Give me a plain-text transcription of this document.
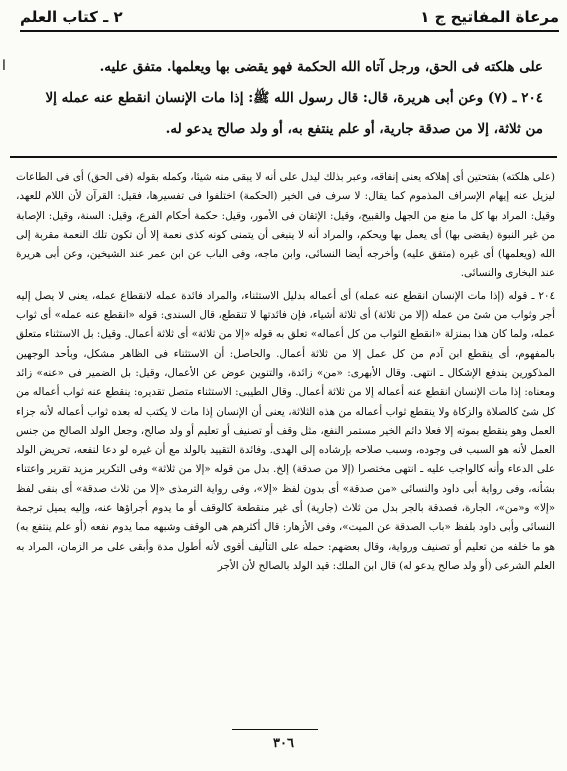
مرعاة المفاتيح ج ١
٢ ـ كتاب العلم
ا	على هلكته فى الحق، ورجل آتاه الله الحكمة فهو يقضى بها ويعلمها. متفق عليه.

٢٠٤ ـ (٧) وعن أبى هريرة، قال: قال رسول الله ﷺ: إذا مات الإنسان انقطع عنه عمله إلا

من ثلاثة، إلا من صدقة جارية، أو علم ينتفع به، أو ولد صالح يدعو له.

(على هلكته) بفتحتين أى إهلاكه يعنى إنفاقه، وعبر بذلك ليدل على أنه لا يبقى منه شيئا، وكمله بقوله (فى الحق) أى فى الطاعات ليزيل عنه إيهام الإسراف المذموم كما يقال: لا سرف فى الخير (الحكمة) اختلفوا فى تفسيرها، فقيل: القرآن لأن اللام للعهد، وقيل: المراد بها كل ما منع من الجهل والقبيح، وقيل: الإتقان فى الأمور، وقيل: حكمة أحكام الفرع، وقيل: السنة، وقيل: الإصابة من غير النبوة (يقضى بها) أى يعمل بها ويحكم، والمراد أنه لا ينبغى أن يتمنى كونه كذى نعمة إلا أن تكون تلك النعمة مقربة إلى الله (ويعلمها) أى غيره (متفق عليه) وأخرجه أيضا النسائى، وابن ماجه، وفى الباب عن ابن عمر عند الشيخين، وعن أبى هريرة عند البخارى والنسائى.

٢٠٤ ـ قوله (إذا مات الإنسان انقطع عنه عمله) أى أعماله بدليل الاستثناء، والمراد فائدة عمله لانقطاع عمله، يعنى لا يصل إليه أجر وثواب من شئ من عمله (إلا من ثلاثة) أى ثلاثة أشياء، فإن فائدتها لا تنقطع، قال السندى: قوله «انقطع عنه عمله» أى ثواب عمله، ولما كان هذا بمنزلة «انقطع الثواب من كل أعماله» تعلق به قوله «إلا من ثلاثة» أى ثلاثة أعمال. وقيل: بل الاستثناء متعلق بالمفهوم، أى ينقطع ابن آدم من كل عمل إلا من ثلاثة أعمال. والحاصل: أن الاستثناء فى الظاهر مشكل، وبأحد الوجهين المذكورين يندفع الإشكال ـ انتهى. وقال الأبهرى: «من» زائدة، والتنوين عوض عن الأعمال، وقيل: بل الضمير فى «عنه» زائد ومعناه: إذا مات الإنسان انقطع عنه أعماله إلا من ثلاثة أعمال. وقال الطيبى: الاستثناء متصل تقديره: ينقطع عنه ثواب أعماله من كل شئ كالصلاة والزكاة ولا ينقطع ثواب أعماله من هذه الثلاثة، يعنى أن الإنسان إذا مات لا يكتب له بعده ثواب أعماله لأنه جزاء العمل وهو ينقطع بموته إلا فعلا دائم الخير مستمر النفع، مثل وقف أو تصنيف أو تعليم أو ولد صالح، وجعل الولد الصالح من جنس العمل لأنه هو السبب فى وجوده، وسبب صلاحه بإرشاده إلى الهدى. وفائدة التقييد بالولد مع أن غيره لو دعا لنفعه، تحريض الولد على الدعاء وأنه كالواجب عليه ـ انتهى مختصرا (إلا من صدقة) إلخ. بدل من قوله «إلا من ثلاثة» وفى التكرير مزيد تقرير واعتناء بشأنه، وفى رواية أبى داود والنسائى «من صدقة» أى بدون لفظ «إلا»، وفى رواية الترمذى «إلا من ثلاث صدقة» أى بنفى لفظ «إلا» و«من»، الجارة، فصدقة بالجر بدل من ثلاث (جارية) أى غير منقطعة كالوقف أو ما يدوم أجراؤها عنه، وإليه يميل ترجمة النسائى وأبى داود بلفظ «باب الصدقة عن الميت»، وفى الأزهار: قال أكثرهم هى الوقف وشبهه مما يدوم نفعه (أو علم ينتفع به) هو ما خلفه من تعليم أو تصنيف ورواية، وقال بعضهم: حمله على التأليف أقوى لأنه أطول مدة وأبقى على مر الزمان، المراد به العلم الشرعى (أو ولد صالح يدعو له) قال ابن الملك: قيد الولد بالصالح لأن الأجر

٣٠٦
